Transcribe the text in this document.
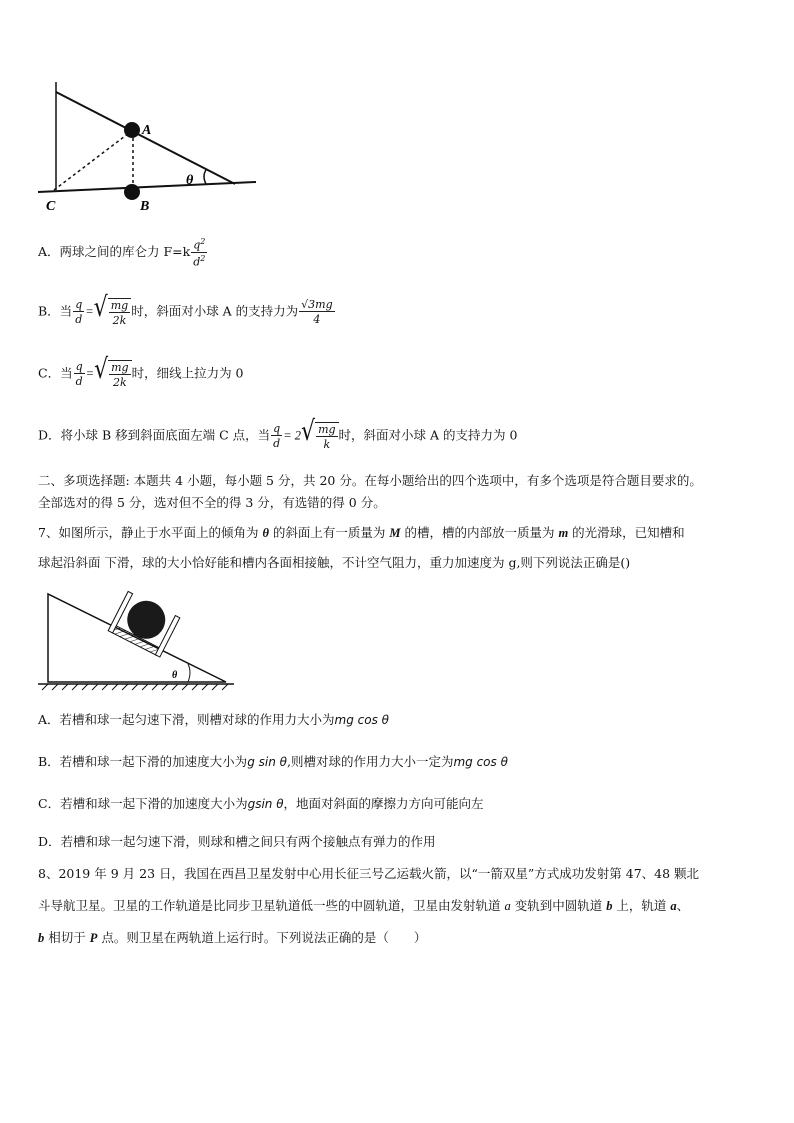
A
B
C
θ
A．两球之间的库仑力 $F=k \frac{q^2}{d^2}$
B．当 $\frac{q}{d}$ = √ $\frac{mg}{2k}$ 时，斜面对小球 A 的支持力为 $\frac{√3mg}{4}$
C．当 $\frac{q}{d}$ = √ $\frac{mg}{2k}$ 时，细线上拉力为 0
D．将小球 B 移到斜面底面左端 C 点，当 $\frac{q}{d} = 2$ √ $\frac{mg}{k}$ 时，斜面对小球 A 的支持力为 0
二、多项选择题: 本题共 4 小题，每小题 5 分，共 20 分。在每小题给出的四个选项中，有多个选项是符合题目要求的。
全部选对的得 5 分，选对但不全的得 3 分，有选错的得 0 分。
7、如图所示，静止于水平面上的倾角为 θ 的斜面上有一质量为 M 的槽，槽的内部放一质量为 m 的光滑球，已知槽和
球起沿斜面 下滑，球的大小恰好能和槽内各面相接触，不计空气阻力，重力加速度为 g,则下列说法正确是()
θ
A．若槽和球一起匀速下滑，则槽对球的作用力大小为mg cos θ
B．若槽和球一起下滑的加速度大小为g sin θ,则槽对球的作用力大小一定为mg cos θ
C．若槽和球一起下滑的加速度大小为gsin θ，地面对斜面的摩擦力方向可能向左
D．若槽和球一起匀速下滑，则球和槽之间只有两个接触点有弹力的作用
8、2019 年 9 月 23 日，我国在西昌卫星发射中心用长征三号乙运载火箭，以“一箭双星”方式成功发射第 47、48 颗北
斗导航卫星。卫星的工作轨道是比同步卫星轨道低一些的中圆轨道，卫星由发射轨道 a 变轨到中圆轨道 b 上，轨道 a、
b 相切于 P 点。则卫星在两轨道上运行时。下列说法正确的是（　　）
